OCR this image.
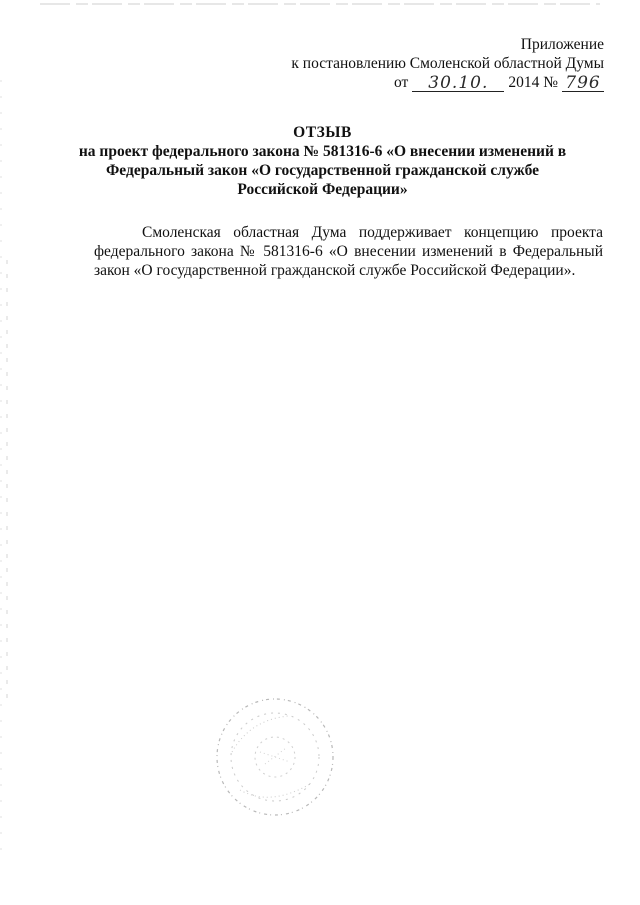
Приложение
к постановлению Смоленской областной Думы
от	30.10.	2014 № 796
ОТЗЫВ
на проект федерального закона № 581316-6 «О внесении изменений в
Федеральный закон «О государственной гражданской службе
Российской Федерации»

Смоленская областная Дума поддерживает концепцию проекта федерального закона № 581316-6 «О внесении изменений в Федеральный закон «О государственной гражданской службе Российской Федерации».
